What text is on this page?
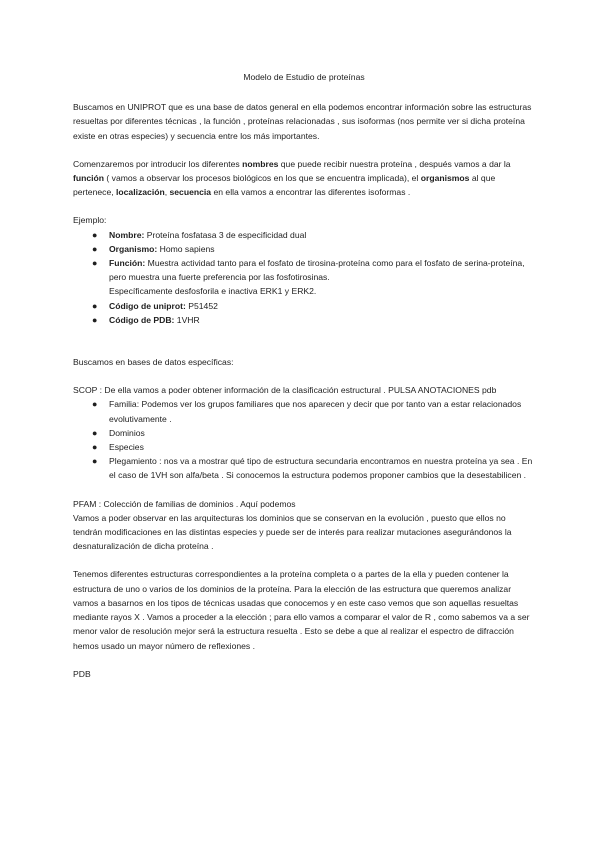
Modelo de Estudio de proteínas

Buscamos en UNIPROT que es una base de datos general en ella podemos encontrar información sobre las estructuras resueltas por diferentes técnicas , la función , proteínas relacionadas , sus isoformas (nos permite ver si dicha proteína existe en otras especies) y secuencia entre los más importantes.

Comenzaremos por introducir los diferentes nombres que puede recibir nuestra proteína , después vamos a dar la función ( vamos a observar los procesos biológicos en los que se encuentra implicada), el organismos al que pertenece, localización, secuencia en ella vamos a encontrar las diferentes isoformas .

Ejemplo:

● Nombre: Proteína fosfatasa 3 de especificidad dual
● Organismo: Homo sapiens
● Función: Muestra actividad tanto para el fosfato de tirosina-proteína como para el fosfato de serina-proteína, pero muestra una fuerte preferencia por las fosfotirosinas.
Específicamente desfosforila e inactiva ERK1 y ERK2.
● Código de uniprot: P51452
● Código de PDB: 1VHR

Buscamos en bases de datos específicas:

SCOP : De ella vamos a poder obtener información de la clasificación estructural . PULSA ANOTACIONES pdb

● Familia: Podemos ver los grupos familiares que nos aparecen y decir que por tanto van a estar relacionados evolutivamente .
● Dominios
● Especies
● Plegamiento : nos va a mostrar qué tipo de estructura secundaria encontramos en nuestra proteína ya sea . En el caso de 1VH son alfa/beta . Si conocemos la estructura podemos proponer cambios que la desestabilicen .

PFAM : Colección de familias de dominios . Aquí podemos

Vamos a poder observar en las arquitecturas los dominios que se conservan en la evolución , puesto que ellos no tendrán modificaciones en las distintas especies y puede ser de interés para realizar mutaciones asegurándonos la desnaturalización de dicha proteína .

Tenemos diferentes estructuras correspondientes a la proteína completa o a partes de la ella y pueden contener la estructura de uno o varios de los dominios de la proteína. Para la elección de las estructura que queremos analizar vamos a basarnos en los tipos de técnicas usadas que conocemos y en este caso vemos que son aquellas resueltas mediante rayos X . Vamos a proceder a la elección ; para ello vamos a comparar el valor de R , como sabemos va a ser menor valor de resolución mejor será la estructura resuelta . Esto se debe a que al realizar el espectro de difracción hemos usado un mayor número de reflexiones .

PDB
